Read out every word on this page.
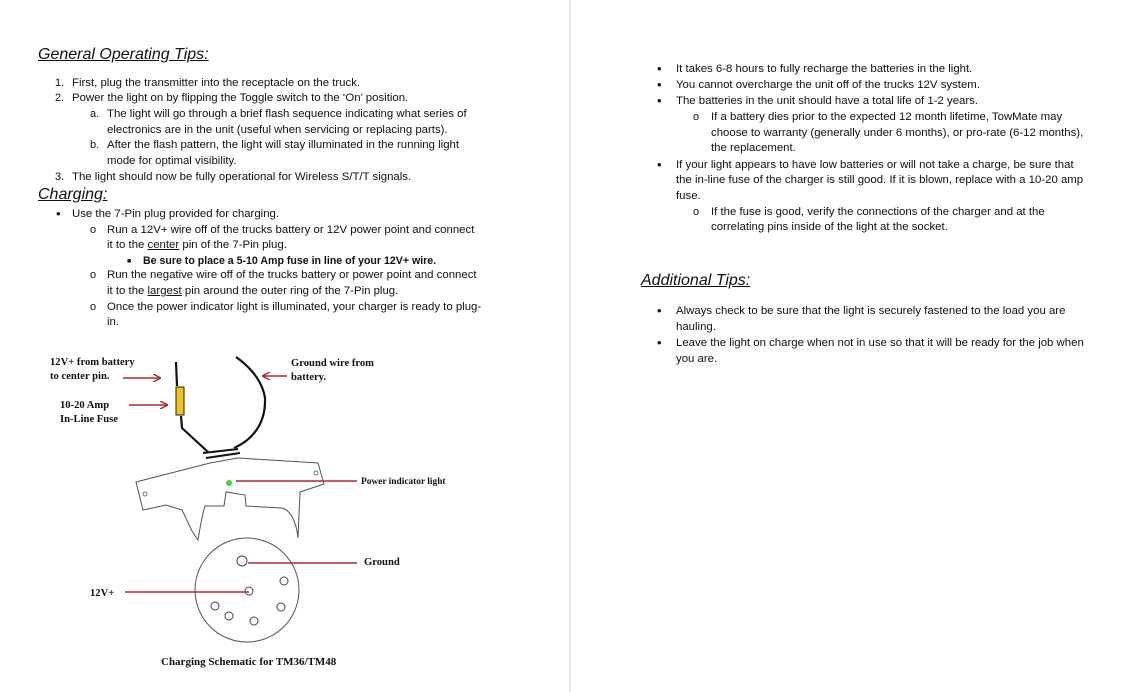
General Operating Tips:
1. First, plug the transmitter into the receptacle on the truck.
2. Power the light on by flipping the Toggle switch to the ‘On’ position.
a. The light will go through a brief flash sequence indicating what series of
electronics are in the unit (useful when servicing or replacing parts).
b. After the flash pattern, the light will stay illuminated in the running light
mode for optimal visibility.
3. The light should now be fully operational for Wireless S/T/T signals.
Charging:
• Use the 7-Pin plug provided for charging.
o Run a 12V+ wire off of the trucks battery or 12V power point and connect
it to the center pin of the 7-Pin plug.
■ Be sure to place a 5-10 Amp fuse in line of your 12V+ wire.
o Run the negative wire off of the trucks battery or power point and connect
it to the largest pin around the outer ring of the 7-Pin plug.
o Once the power indicator light is illuminated, your charger is ready to plug-
in.
12V+ from battery
to center pin.
10-20 Amp
In-Line Fuse
Ground wire from
battery.
Power indicator light
Ground
12V+
Charging Schematic for TM36/TM48
• It takes 6-8 hours to fully recharge the batteries in the light.
• You cannot overcharge the unit off of the trucks 12V system.
• The batteries in the unit should have a total life of 1-2 years.
o If a battery dies prior to the expected 12 month lifetime, TowMate may
choose to warranty (generally under 6 months), or pro-rate (6-12 months),
the replacement.
• If your light appears to have low batteries or will not take a charge, be sure that
the in-line fuse of the charger is still good. If it is blown, replace with a 10-20 amp
fuse.
o If the fuse is good, verify the connections of the charger and at the
correlating pins inside of the light at the socket.
Additional Tips:
• Always check to be sure that the light is securely fastened to the load you are
hauling.
• Leave the light on charge when not in use so that it will be ready for the job when
you are.
